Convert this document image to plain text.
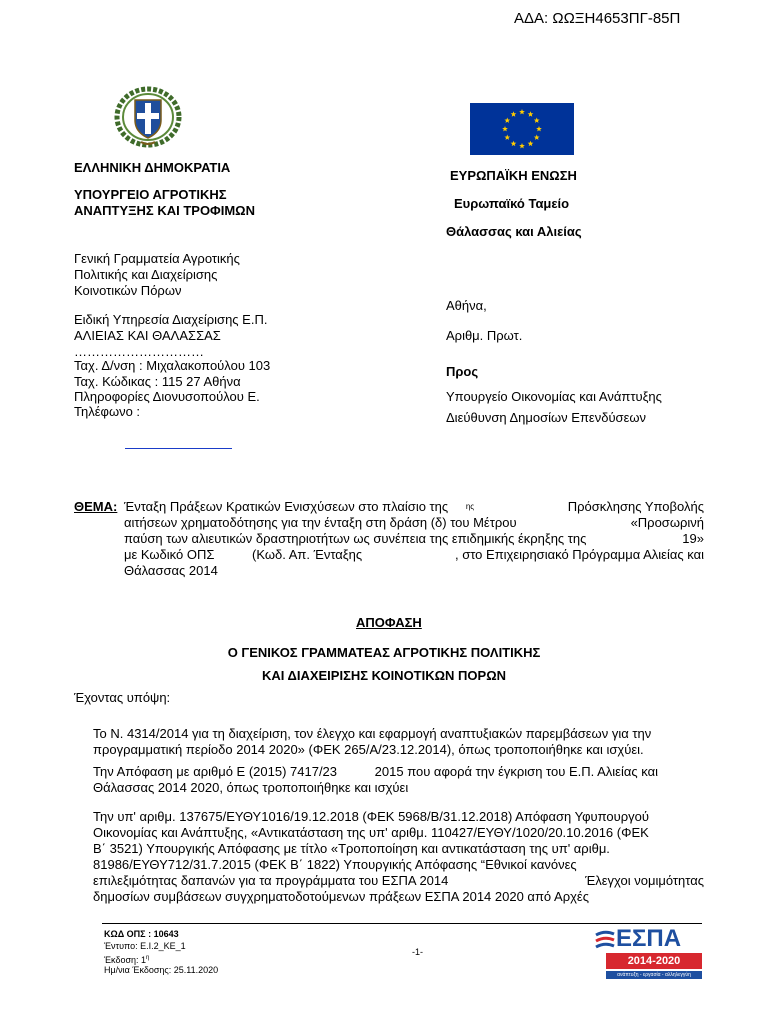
ΑΔΑ: ΩΩΞΗ4653ΠΓ-85Π
ΕΛΛΗΝΙΚΗ ΔΗΜΟΚΡΑΤΙΑ
ΥΠΟΥΡΓΕΙΟ ΑΓΡΟΤΙΚΗΣ
ΑΝΑΠΤΥΞΗΣ ΚΑΙ ΤΡΟΦΙΜΩΝ
Γενική Γραμματεία Αγροτικής
Πολιτικής και Διαχείρισης
Κοινοτικών Πόρων
Ειδική Υπηρεσία Διαχείρισης Ε.Π.
ΑΛΙΕΙΑΣ ΚΑΙ ΘΑΛΑΣΣΑΣ
…………………………
Ταχ. Δ/νση : Μιχαλακοπούλου 103
Ταχ. Κώδικας : 115 27 Αθήνα
Πληροφορίες Διονυσοπούλου Ε.
Τηλέφωνο :
ΕΥΡΩΠΑΪΚΗ ΕΝΩΣΗ
Ευρωπαϊκό Ταμείο
Θάλασσας και Αλιείας
Αθήνα,
Αριθμ. Πρωτ.
Προς
Υπουργείο Οικονομίας και Ανάπτυξης
Διεύθυνση Δημοσίων Επενδύσεων
ΘΕΜΑ: Ένταξη Πράξεων Κρατικών Ενισχύσεων στο πλαίσιο της $^{\eta\varsigma}$	Πρόσκλησης Υποβολής
αιτήσεων χρηματοδότησης για την ένταξη στη δράση (δ) του Μέτρου	«Προσωρινή
παύση των αλιευτικών δραστηριοτήτων ως συνέπεια της επιδημικής έκρηξης της	19»
με Κωδικό ΟΠΣ	(Κωδ. Απ. Ένταξης	, στο Επιχειρησιακό Πρόγραμμα Αλιείας και
Θάλασσας 2014
ΑΠΟΦΑΣΗ
Ο ΓΕΝΙΚΟΣ ΓΡΑΜΜΑΤΕΑΣ ΑΓΡΟΤΙΚΗΣ ΠΟΛΙΤΙΚΗΣ
ΚΑΙ ΔΙΑΧΕΙΡΙΣΗΣ ΚΟΙΝΟΤΙΚΩΝ ΠΟΡΩΝ
Έχοντας υπόψη:
Το Ν. 4314/2014 για τη διαχείριση, τον έλεγχο και εφαρμογή αναπτυξιακών παρεμβάσεων για την
προγραμματική περίοδο 2014 2020» (ΦΕΚ 265/Α/23.12.2014), όπως τροποποιήθηκε και ισχύει.
Την Απόφαση με αριθμό Ε (2015) 7417/23	2015 που αφορά την έγκριση του Ε.Π. Αλιείας και
Θάλασσας 2014 2020, όπως τροποποιήθηκε και ισχύει
Την υπ' αριθμ. 137675/ΕΥΘΥ1016/19.12.2018 (ΦΕΚ 5968/Β/31.12.2018) Απόφαση Υφυπουργού
Οικονομίας και Ανάπτυξης, «Αντικατάσταση της υπ' αριθμ. 110427/ΕΥΘΥ/1020/20.10.2016 (ΦΕΚ
Β΄ 3521) Υπουργικής Απόφασης με τίτλο «Τροποποίηση και αντικατάσταση της υπ' αριθμ.
81986/ΕΥΘΥ712/31.7.2015 (ΦΕΚ Β΄ 1822) Υπουργικής Απόφασης “Εθνικοί κανόνες
επιλεξιμότητας δαπανών για τα προγράμματα του ΕΣΠΑ 2014	Έλεγχοι νομιμότητας
δημοσίων συμβάσεων συγχρηματοδοτούμενων πράξεων ΕΣΠΑ 2014 2020 από Αρχές
ΚΩΔ ΟΠΣ : 10643
Έντυπο: Ε.Ι.2_ΚΕ_1
Έκδοση: $1^\eta$
Ημ/νια Έκδοσης: 25.11.2020
-1-	ΕΣΠΑ
2014-2020
ανάπτυξη - εργασία - αλληλεγγύη
